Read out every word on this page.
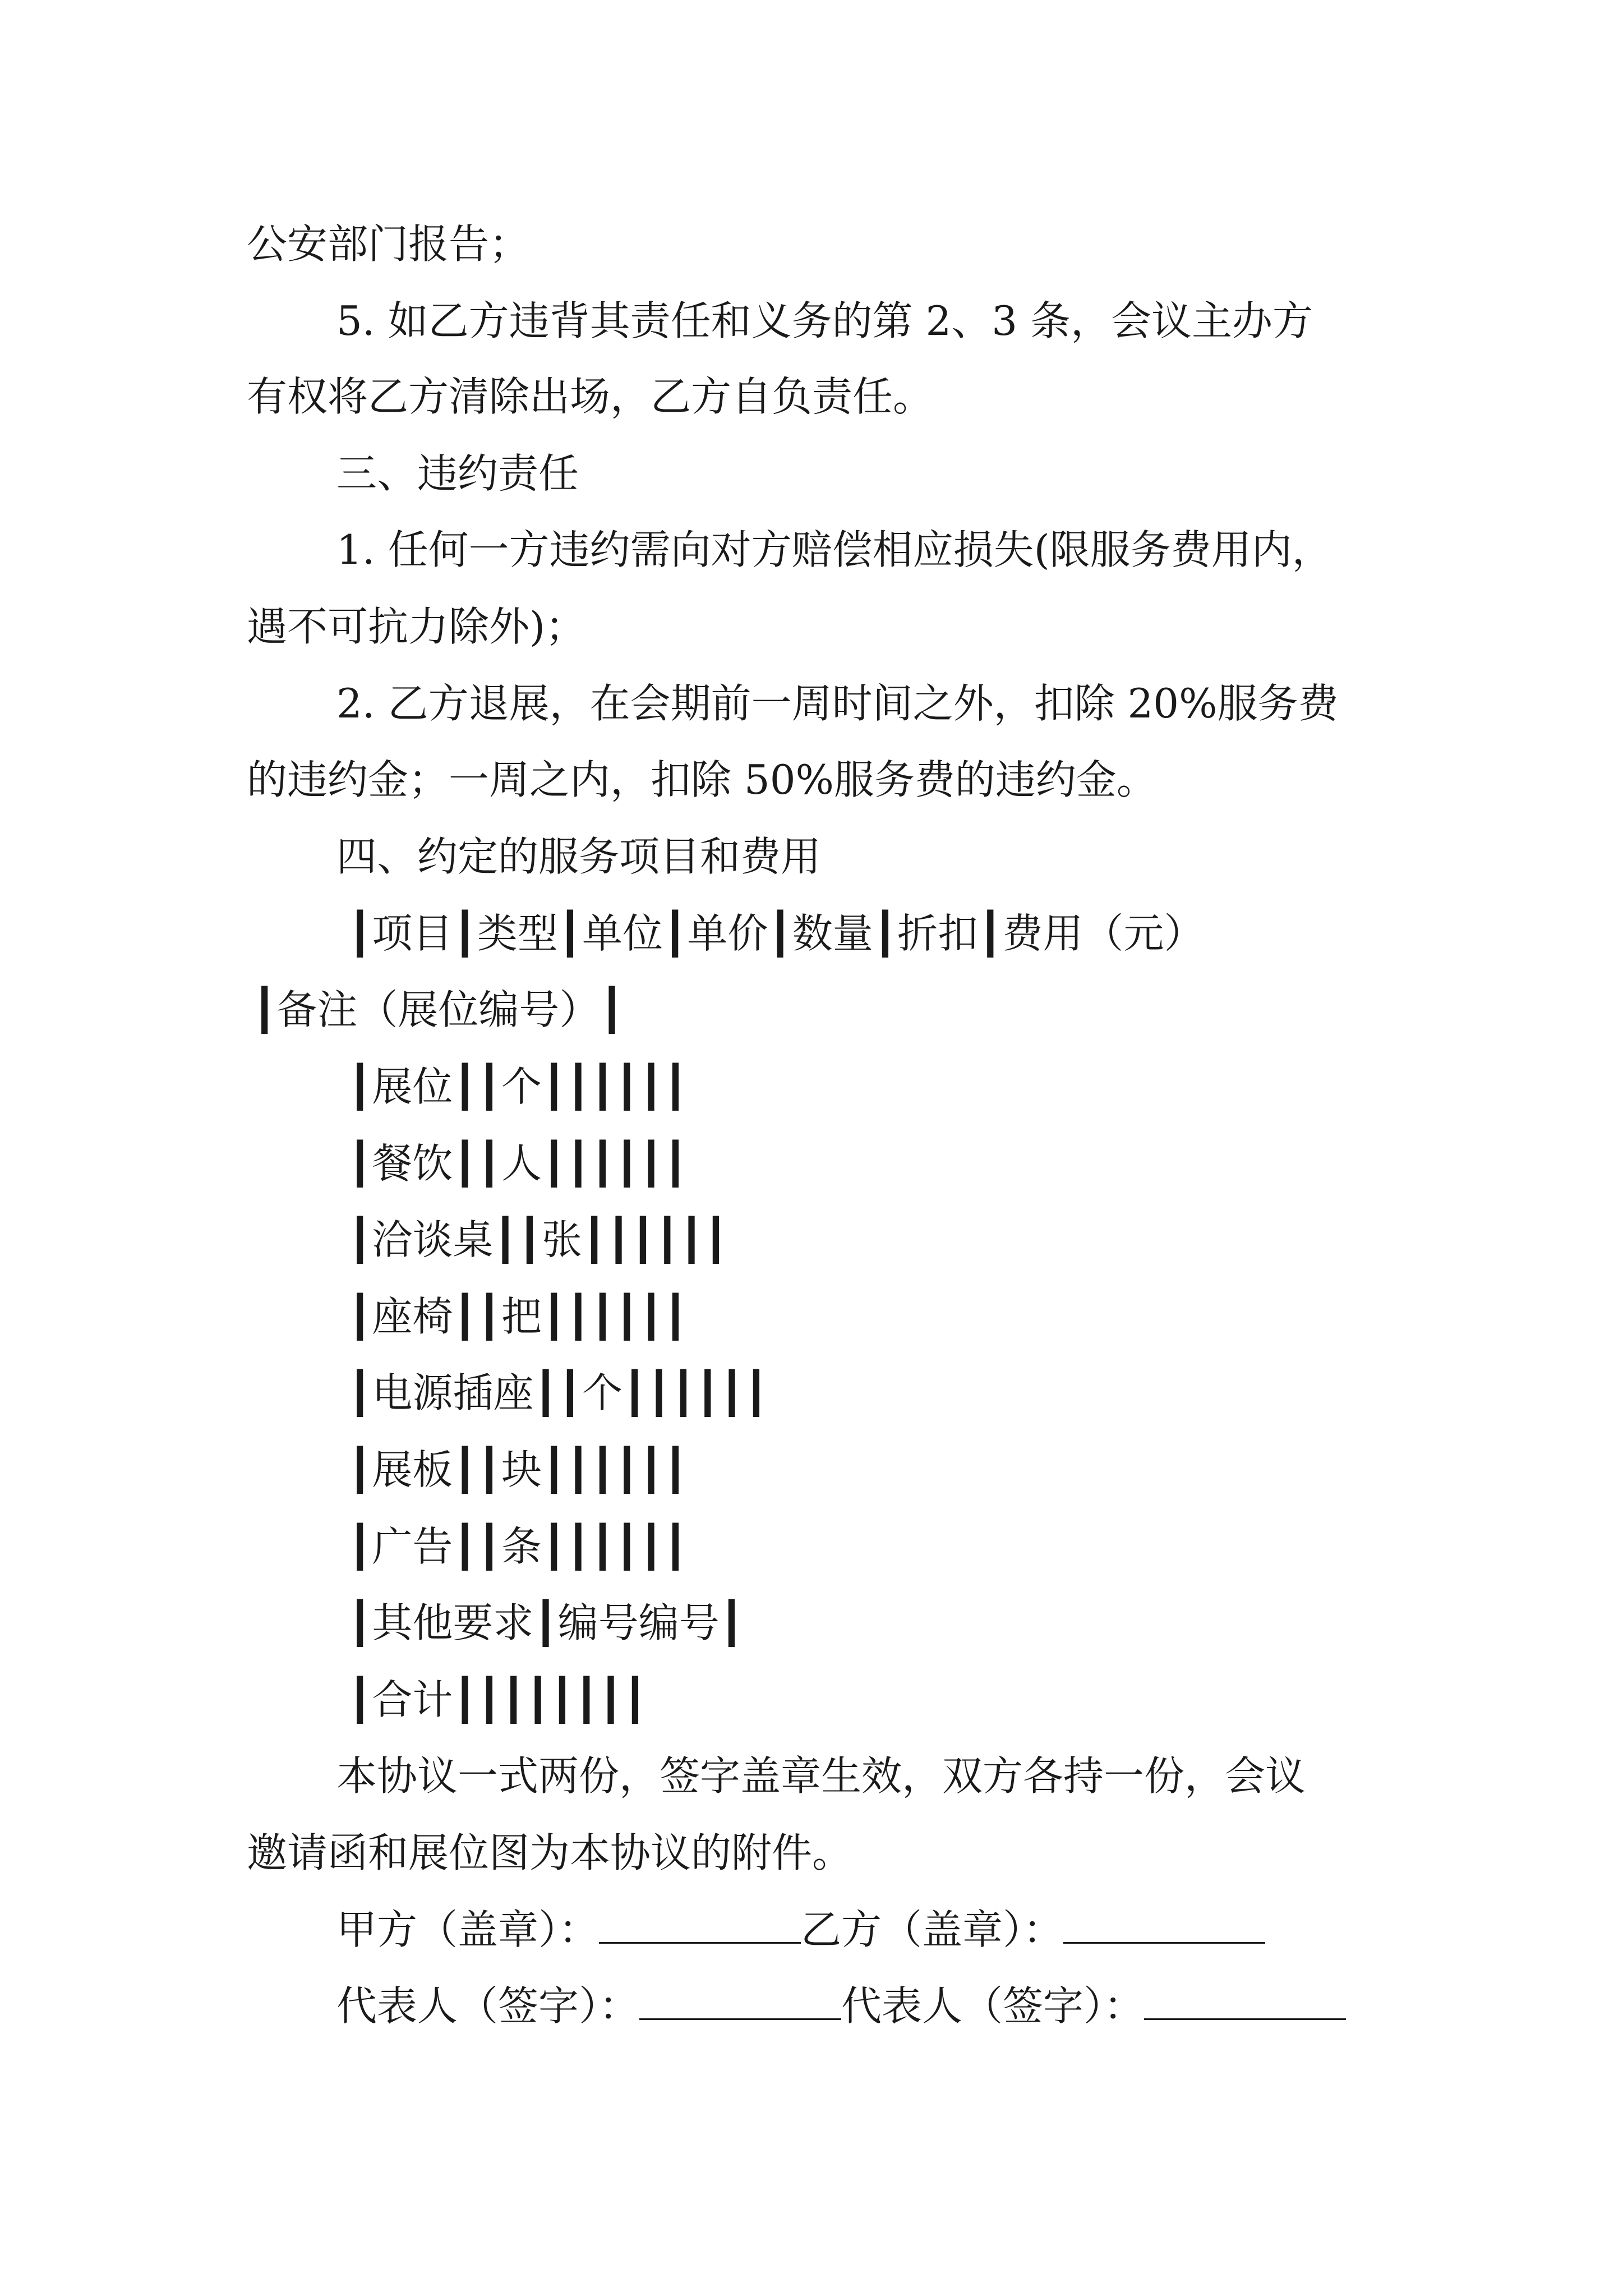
公安部门报告；
5. 如乙方违背其责任和义务的第 2、3 条，会议主办方
有权将乙方清除出场，乙方自负责任。
三、违约责任
1. 任何一方违约需向对方赔偿相应损失(限服务费用内，
遇不可抗力除外)；
2. 乙方退展，在会期前一周时间之外，扣除 20%服务费
的违约金；一周之内，扣除 50%服务费的违约金。
四、约定的服务项目和费用
┃项目┃类型┃单位┃单价┃数量┃折扣┃费用（元）
┃备注（展位编号）┃
┃展位┃┃个┃┃┃┃┃┃
┃餐饮┃┃人┃┃┃┃┃┃
┃洽谈桌┃┃张┃┃┃┃┃┃
┃座椅┃┃把┃┃┃┃┃┃
┃电源插座┃┃个┃┃┃┃┃┃
┃展板┃┃块┃┃┃┃┃┃
┃广告┃┃条┃┃┃┃┃┃
┃其他要求┃编号编号┃
┃合计┃┃┃┃┃┃┃┃
本协议一式两份，签字盖章生效，双方各持一份，会议
邀请函和展位图为本协议的附件。
甲方（盖章）：	乙方（盖章）：
代表人（签字）：	代表人（签字）：
